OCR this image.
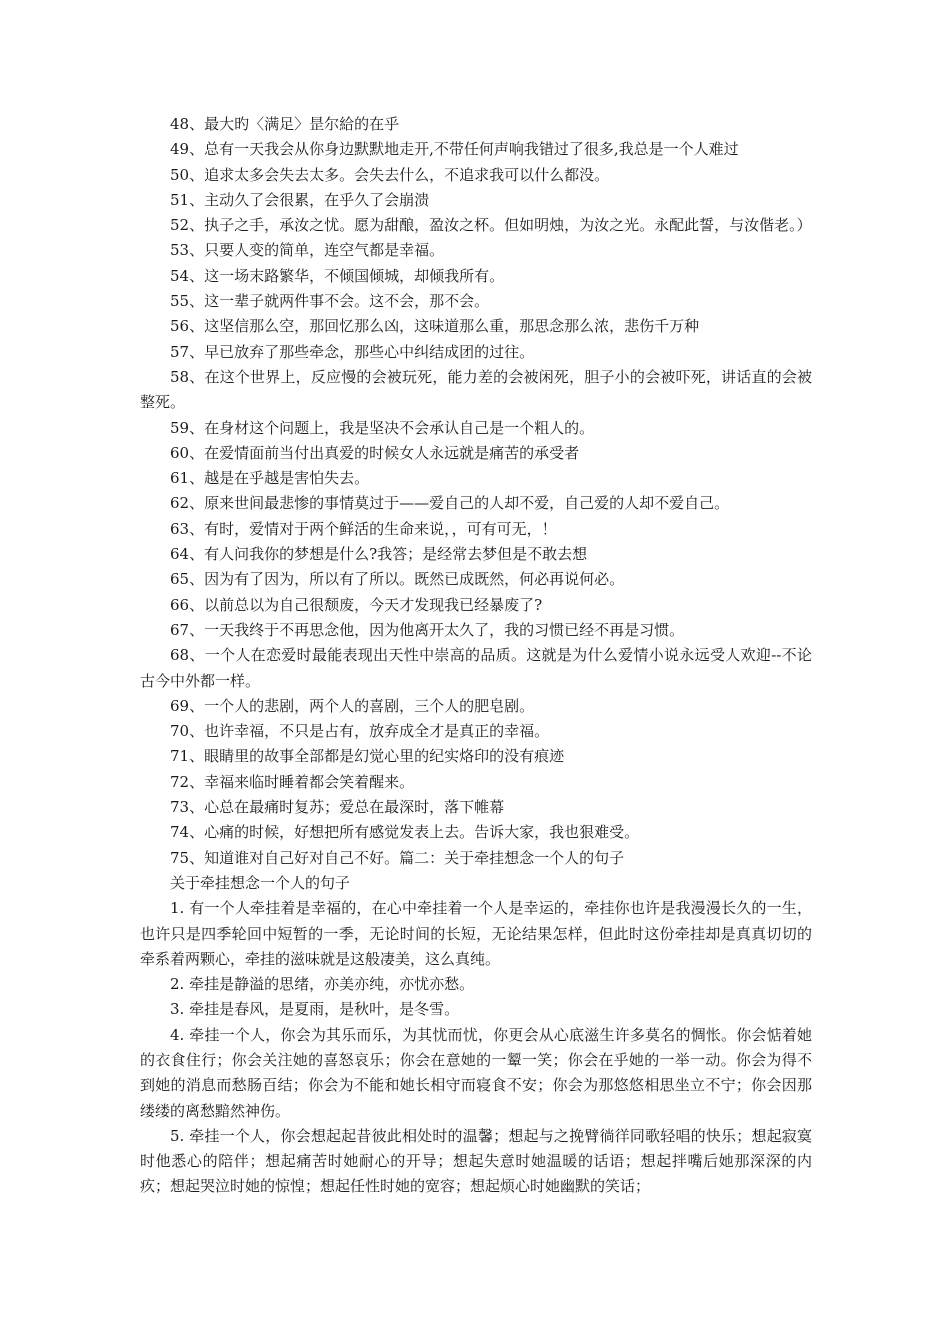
48、最大旳〈满足〉昰尔給的在乎

49、总有一天我会从你身边默默地走开,不带任何声响我错过了很多,我总是一个人难过

50、追求太多会失去太多。会失去什么，不追求我可以什么都没。

51、主动久了会很累，在乎久了会崩溃

52、执子之手，承汝之忧。愿为甜酿，盈汝之杯。但如明烛，为汝之光。永配此誓，与汝偕老。）

53、只要人变的简单，连空气都是幸福。

54、这一场末路繁华，不倾国倾城，却倾我所有。

55、这一辈子就两件事不会。这不会，那不会。

56、这坚信那么空，那回忆那么凶，这味道那么重，那思念那么浓，悲伤千万种

57、早已放弃了那些牵念，那些心中纠结成团的过往。

58、在这个世界上，反应慢的会被玩死，能力差的会被闲死，胆子小的会被吓死，讲话直的会被整死。

59、在身材这个问题上，我是坚决不会承认自己是一个粗人的。

60、在爱情面前当付出真爱的时候女人永远就是痛苦的承受者

61、越是在乎越是害怕失去。

62、原来世间最悲惨的事情莫过于——爱自己的人却不爱，自己爱的人却不爱自己。

63、有时，爱情对于两个鲜活的生命来说，，可有可无，！

64、有人问我你的梦想是什么?我答；是经常去梦但是不敢去想

65、因为有了因为，所以有了所以。既然已成既然，何必再说何必。

66、以前总以为自己很颓废，今天才发现我已经暴废了?

67、一天我终于不再思念他，因为他离开太久了，我的习惯已经不再是习惯。

68、一个人在恋爱时最能表现出天性中崇高的品质。这就是为什么爱情小说永远受人欢迎--不论古今中外都一样。

69、一个人的悲剧，两个人的喜剧，三个人的肥皂剧。

70、也许幸福，不只是占有，放弃成全才是真正的幸福。

71、眼睛里的故事全部都是幻觉心里的纪实烙印的没有痕迹

72、幸福来临时睡着都会笑着醒来。

73、心总在最痛时复苏；爱总在最深时，落下帷幕

74、心痛的时候，好想把所有感觉发表上去。告诉大家，我也狠难受。

75、知道谁对自己好对自己不好。篇二：关于牵挂想念一个人的句子

关于牵挂想念一个人的句子

1. 有一个人牵挂着是幸福的，在心中牵挂着一个人是幸运的，牵挂你也许是我漫漫长久的一生，也许只是四季轮回中短暂的一季，无论时间的长短，无论结果怎样，但此时这份牵挂却是真真切切的牵系着两颗心，牵挂的滋味就是这般凄美，这么真纯。

2. 牵挂是静溢的思绪，亦美亦纯，亦忧亦愁。

3. 牵挂是春风，是夏雨，是秋叶，是冬雪。

4. 牵挂一个人，你会为其乐而乐，为其忧而忧，你更会从心底滋生许多莫名的惆怅。你会惦着她的衣食住行；你会关注她的喜怒哀乐；你会在意她的一颦一笑；你会在乎她的一举一动。你会为得不到她的消息而愁肠百结；你会为不能和她长相守而寝食不安；你会为那悠悠相思坐立不宁；你会因那缕缕的离愁黯然神伤。

5. 牵挂一个人，你会想起起昔彼此相处时的温馨；想起与之挽臂徜徉同歌轻唱的快乐；想起寂寞时他悉心的陪伴；想起痛苦时她耐心的开导；想起失意时她温暖的话语；想起拌嘴后她那深深的内疚；想起哭泣时她的惊惶；想起任性时她的宽容；想起烦心时她幽默的笑话；
